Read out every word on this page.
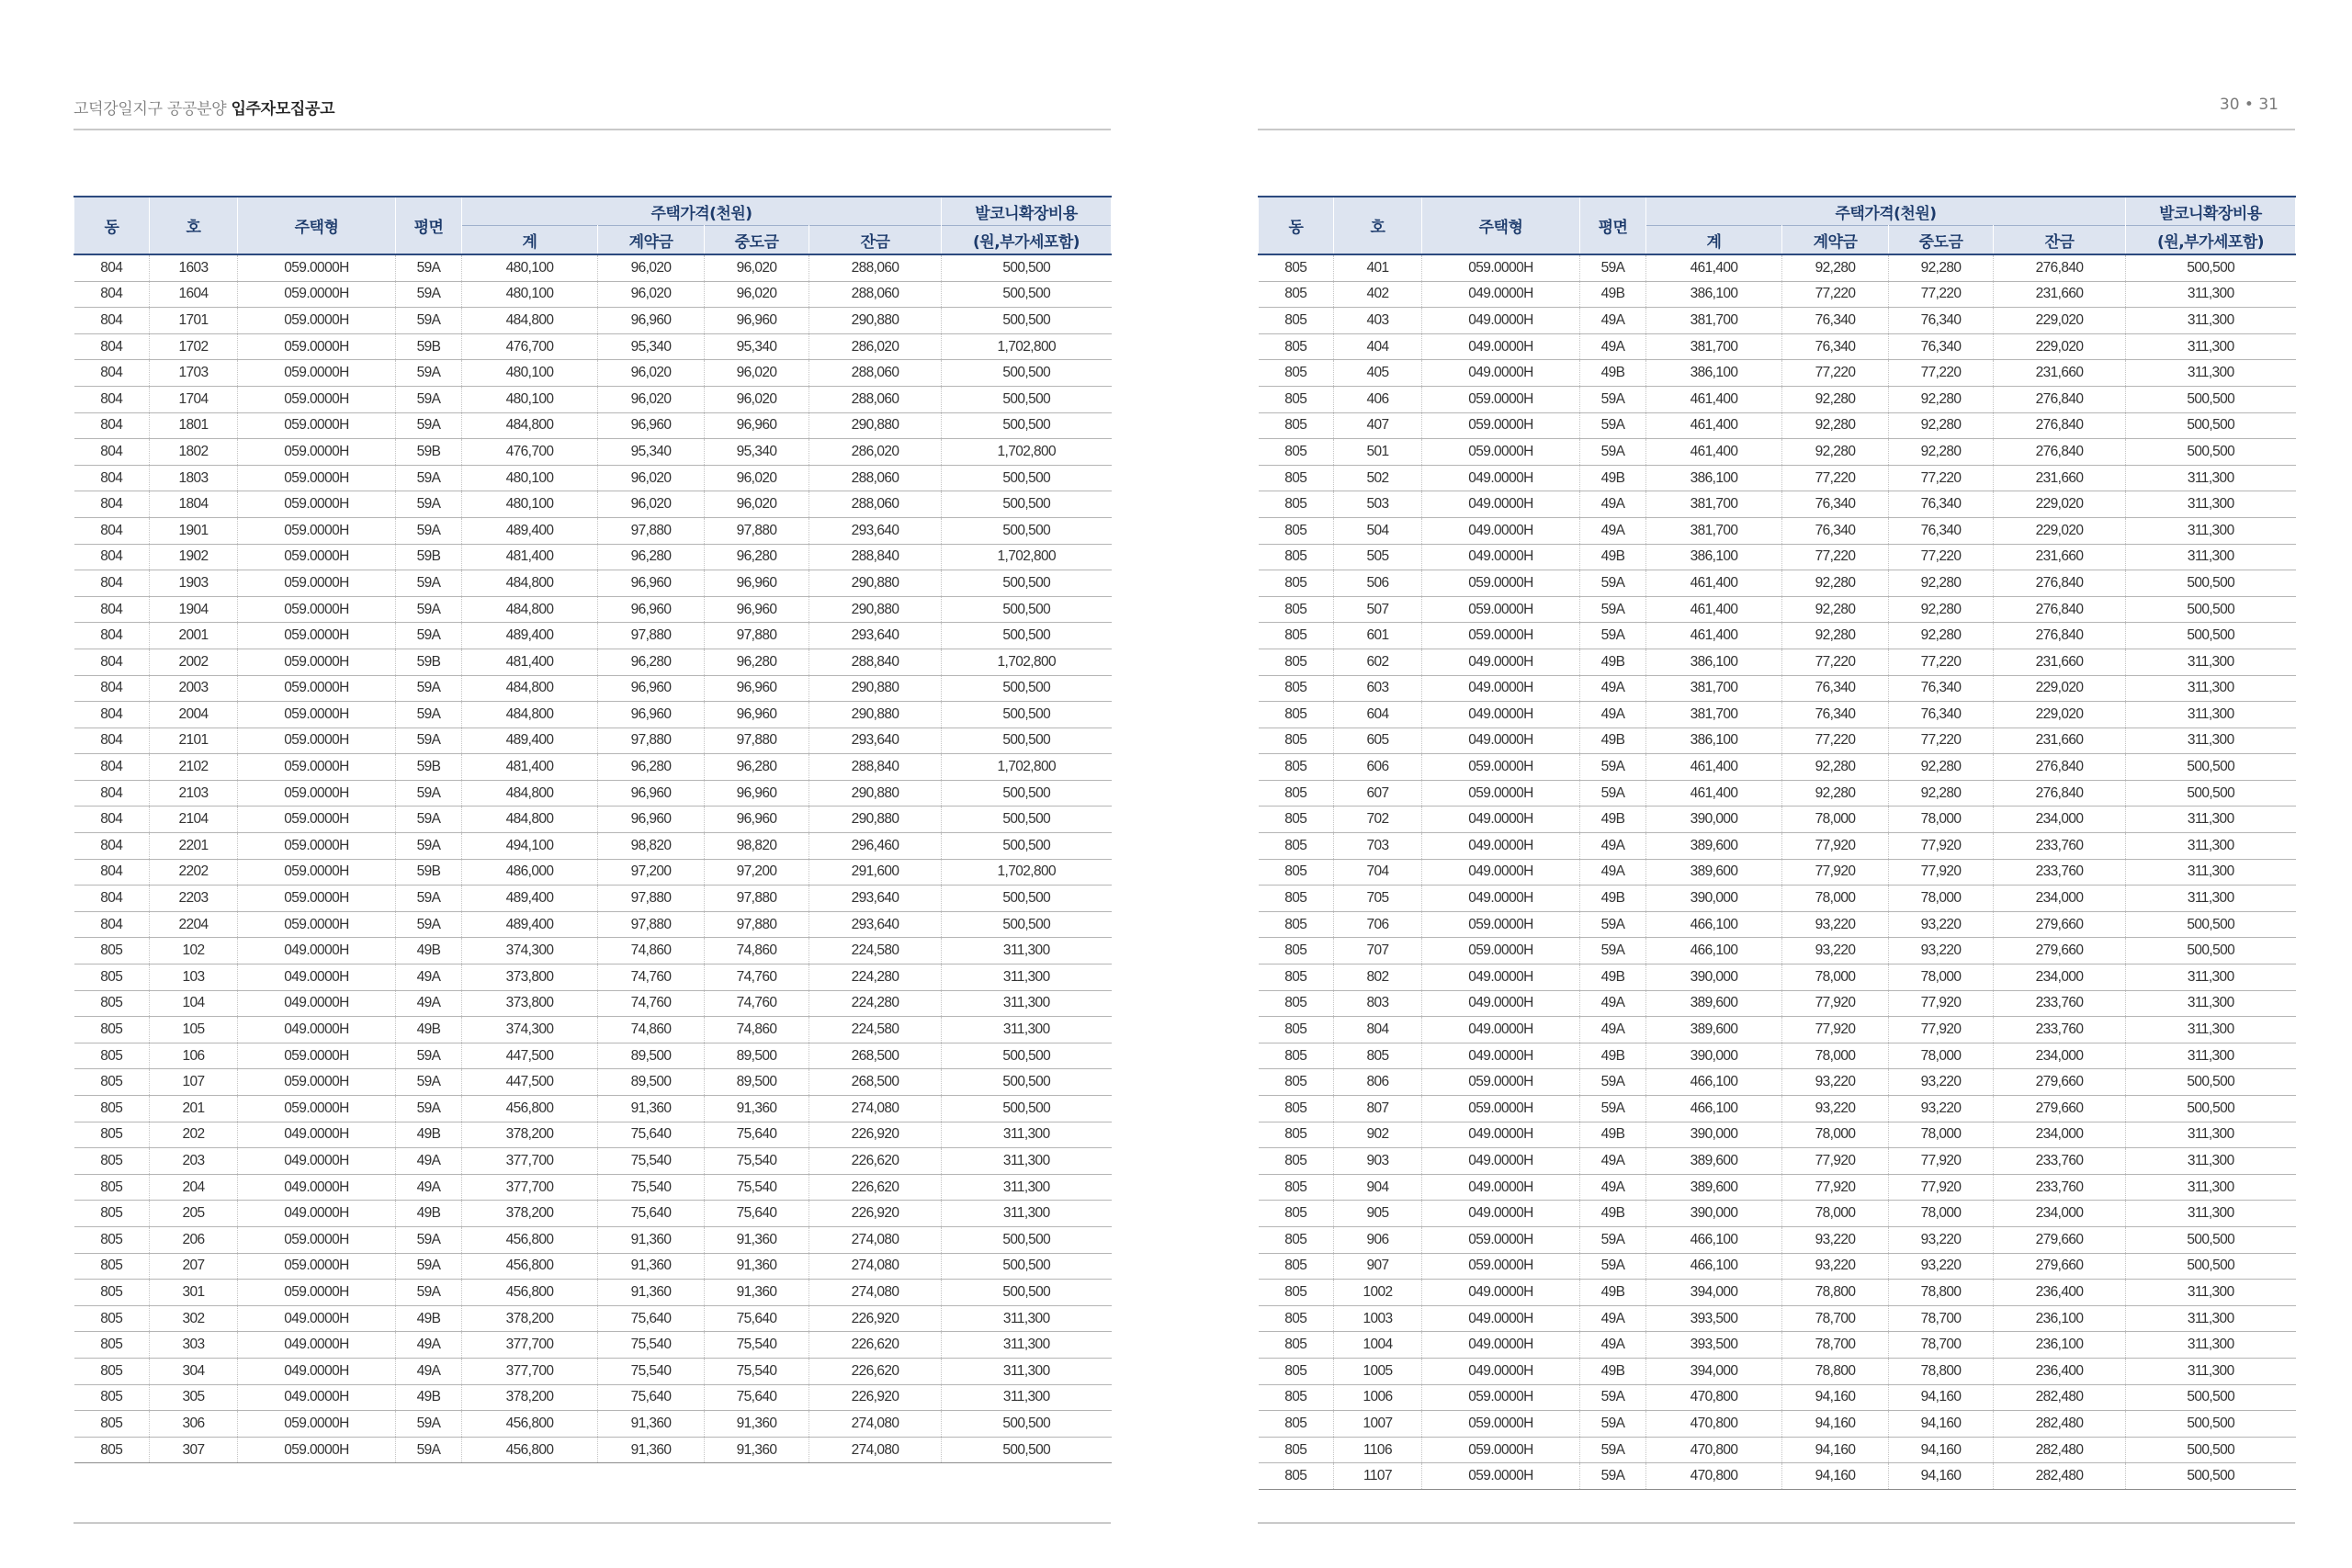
고덕강일지구 공공분양 입주자모집공고	30 • 31
동	호	주택형	평면	주택가격(천원)				발코니확장비용
				계	계약금	중도금	잔금	(원,부가세포함)
804	1603	059.0000H	59A	480,100	96,020	96,020	288,060	500,500
804	1604	059.0000H	59A	480,100	96,020	96,020	288,060	500,500
804	1701	059.0000H	59A	484,800	96,960	96,960	290,880	500,500
804	1702	059.0000H	59B	476,700	95,340	95,340	286,020	1,702,800
804	1703	059.0000H	59A	480,100	96,020	96,020	288,060	500,500
804	1704	059.0000H	59A	480,100	96,020	96,020	288,060	500,500
804	1801	059.0000H	59A	484,800	96,960	96,960	290,880	500,500
804	1802	059.0000H	59B	476,700	95,340	95,340	286,020	1,702,800
804	1803	059.0000H	59A	480,100	96,020	96,020	288,060	500,500
804	1804	059.0000H	59A	480,100	96,020	96,020	288,060	500,500
804	1901	059.0000H	59A	489,400	97,880	97,880	293,640	500,500
804	1902	059.0000H	59B	481,400	96,280	96,280	288,840	1,702,800
804	1903	059.0000H	59A	484,800	96,960	96,960	290,880	500,500
804	1904	059.0000H	59A	484,800	96,960	96,960	290,880	500,500
804	2001	059.0000H	59A	489,400	97,880	97,880	293,640	500,500
804	2002	059.0000H	59B	481,400	96,280	96,280	288,840	1,702,800
804	2003	059.0000H	59A	484,800	96,960	96,960	290,880	500,500
804	2004	059.0000H	59A	484,800	96,960	96,960	290,880	500,500
804	2101	059.0000H	59A	489,400	97,880	97,880	293,640	500,500
804	2102	059.0000H	59B	481,400	96,280	96,280	288,840	1,702,800
804	2103	059.0000H	59A	484,800	96,960	96,960	290,880	500,500
804	2104	059.0000H	59A	484,800	96,960	96,960	290,880	500,500
804	2201	059.0000H	59A	494,100	98,820	98,820	296,460	500,500
804	2202	059.0000H	59B	486,000	97,200	97,200	291,600	1,702,800
804	2203	059.0000H	59A	489,400	97,880	97,880	293,640	500,500
804	2204	059.0000H	59A	489,400	97,880	97,880	293,640	500,500
805	102	049.0000H	49B	374,300	74,860	74,860	224,580	311,300
805	103	049.0000H	49A	373,800	74,760	74,760	224,280	311,300
805	104	049.0000H	49A	373,800	74,760	74,760	224,280	311,300
805	105	049.0000H	49B	374,300	74,860	74,860	224,580	311,300
805	106	059.0000H	59A	447,500	89,500	89,500	268,500	500,500
805	107	059.0000H	59A	447,500	89,500	89,500	268,500	500,500
805	201	059.0000H	59A	456,800	91,360	91,360	274,080	500,500
805	202	049.0000H	49B	378,200	75,640	75,640	226,920	311,300
805	203	049.0000H	49A	377,700	75,540	75,540	226,620	311,300
805	204	049.0000H	49A	377,700	75,540	75,540	226,620	311,300
805	205	049.0000H	49B	378,200	75,640	75,640	226,920	311,300
805	206	059.0000H	59A	456,800	91,360	91,360	274,080	500,500
805	207	059.0000H	59A	456,800	91,360	91,360	274,080	500,500
805	301	059.0000H	59A	456,800	91,360	91,360	274,080	500,500
805	302	049.0000H	49B	378,200	75,640	75,640	226,920	311,300
805	303	049.0000H	49A	377,700	75,540	75,540	226,620	311,300
805	304	049.0000H	49A	377,700	75,540	75,540	226,620	311,300
805	305	049.0000H	49B	378,200	75,640	75,640	226,920	311,300
805	306	059.0000H	59A	456,800	91,360	91,360	274,080	500,500
805	307	059.0000H	59A	456,800	91,360	91,360	274,080	500,500
동	호	주택형	평면	주택가격(천원)				발코니확장비용
				계	계약금	중도금	잔금	(원,부가세포함)
805	401	059.0000H	59A	461,400	92,280	92,280	276,840	500,500
805	402	049.0000H	49B	386,100	77,220	77,220	231,660	311,300
805	403	049.0000H	49A	381,700	76,340	76,340	229,020	311,300
805	404	049.0000H	49A	381,700	76,340	76,340	229,020	311,300
805	405	049.0000H	49B	386,100	77,220	77,220	231,660	311,300
805	406	059.0000H	59A	461,400	92,280	92,280	276,840	500,500
805	407	059.0000H	59A	461,400	92,280	92,280	276,840	500,500
805	501	059.0000H	59A	461,400	92,280	92,280	276,840	500,500
805	502	049.0000H	49B	386,100	77,220	77,220	231,660	311,300
805	503	049.0000H	49A	381,700	76,340	76,340	229,020	311,300
805	504	049.0000H	49A	381,700	76,340	76,340	229,020	311,300
805	505	049.0000H	49B	386,100	77,220	77,220	231,660	311,300
805	506	059.0000H	59A	461,400	92,280	92,280	276,840	500,500
805	507	059.0000H	59A	461,400	92,280	92,280	276,840	500,500
805	601	059.0000H	59A	461,400	92,280	92,280	276,840	500,500
805	602	049.0000H	49B	386,100	77,220	77,220	231,660	311,300
805	603	049.0000H	49A	381,700	76,340	76,340	229,020	311,300
805	604	049.0000H	49A	381,700	76,340	76,340	229,020	311,300
805	605	049.0000H	49B	386,100	77,220	77,220	231,660	311,300
805	606	059.0000H	59A	461,400	92,280	92,280	276,840	500,500
805	607	059.0000H	59A	461,400	92,280	92,280	276,840	500,500
805	702	049.0000H	49B	390,000	78,000	78,000	234,000	311,300
805	703	049.0000H	49A	389,600	77,920	77,920	233,760	311,300
805	704	049.0000H	49A	389,600	77,920	77,920	233,760	311,300
805	705	049.0000H	49B	390,000	78,000	78,000	234,000	311,300
805	706	059.0000H	59A	466,100	93,220	93,220	279,660	500,500
805	707	059.0000H	59A	466,100	93,220	93,220	279,660	500,500
805	802	049.0000H	49B	390,000	78,000	78,000	234,000	311,300
805	803	049.0000H	49A	389,600	77,920	77,920	233,760	311,300
805	804	049.0000H	49A	389,600	77,920	77,920	233,760	311,300
805	805	049.0000H	49B	390,000	78,000	78,000	234,000	311,300
805	806	059.0000H	59A	466,100	93,220	93,220	279,660	500,500
805	807	059.0000H	59A	466,100	93,220	93,220	279,660	500,500
805	902	049.0000H	49B	390,000	78,000	78,000	234,000	311,300
805	903	049.0000H	49A	389,600	77,920	77,920	233,760	311,300
805	904	049.0000H	49A	389,600	77,920	77,920	233,760	311,300
805	905	049.0000H	49B	390,000	78,000	78,000	234,000	311,300
805	906	059.0000H	59A	466,100	93,220	93,220	279,660	500,500
805	907	059.0000H	59A	466,100	93,220	93,220	279,660	500,500
805	1002	049.0000H	49B	394,000	78,800	78,800	236,400	311,300
805	1003	049.0000H	49A	393,500	78,700	78,700	236,100	311,300
805	1004	049.0000H	49A	393,500	78,700	78,700	236,100	311,300
805	1005	049.0000H	49B	394,000	78,800	78,800	236,400	311,300
805	1006	059.0000H	59A	470,800	94,160	94,160	282,480	500,500
805	1007	059.0000H	59A	470,800	94,160	94,160	282,480	500,500
805	1106	059.0000H	59A	470,800	94,160	94,160	282,480	500,500
805	1107	059.0000H	59A	470,800	94,160	94,160	282,480	500,500
